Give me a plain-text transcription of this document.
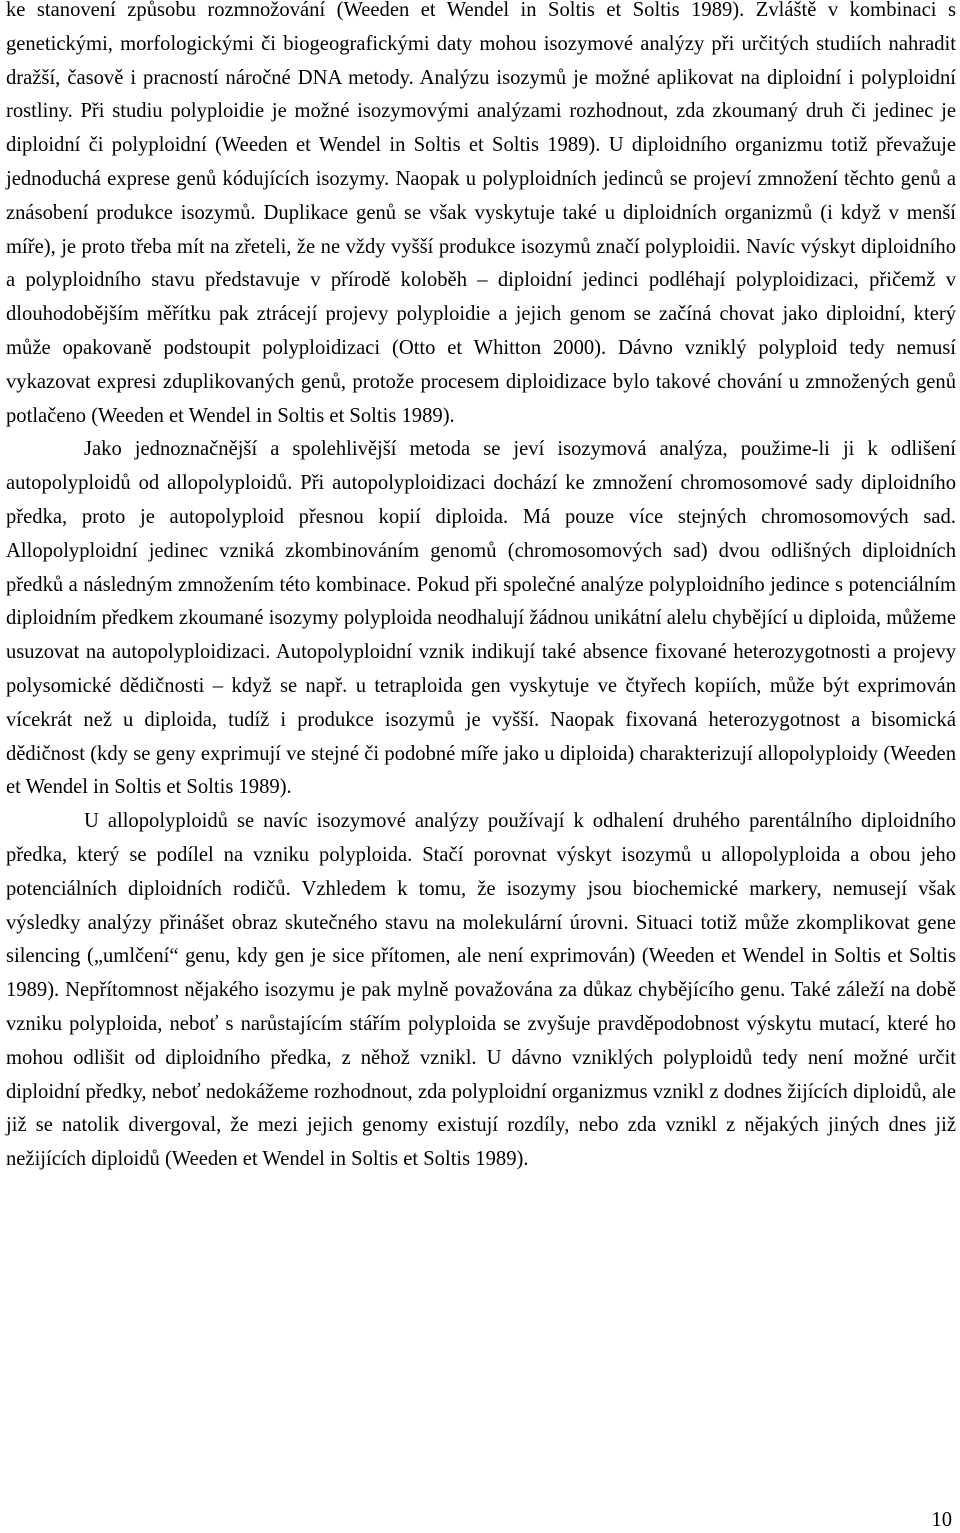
ke stanovení způsobu rozmnožování (Weeden et Wendel in Soltis et Soltis 1989). Zvláště v kombinaci s genetickými, morfologickými či biogeografickými daty mohou isozymové analýzy při určitých studiích nahradit dražší, časově i pracností náročné DNA metody. Analýzu isozymů je možné aplikovat na diploidní i polyploidní rostliny. Při studiu polyploidie je možné isozymovými analýzami rozhodnout, zda zkoumaný druh či jedinec je diploidní či polyploidní (Weeden et Wendel in Soltis et Soltis 1989). U diploidního organizmu totiž převažuje jednoduchá exprese genů kódujících isozymy. Naopak u polyploidních jedinců se projeví zmnožení těchto genů a znásobení produkce isozymů. Duplikace genů se však vyskytuje také u diploidních organizmů (i když v menší míře), je proto třeba mít na zřeteli, že ne vždy vyšší produkce isozymů značí polyploidii. Navíc výskyt diploidního a polyploidního stavu představuje v přírodě koloběh – diploidní jedinci podléhají polyploidizaci, přičemž v dlouhodobějším měřítku pak ztrácejí projevy polyploidie a jejich genom se začíná chovat jako diploidní, který může opakovaně podstoupit polyploidizaci (Otto et Whitton 2000). Dávno vzniklý polyploid tedy nemusí vykazovat expresi zduplikovaných genů, protože procesem diploidizace bylo takové chování u zmnožených genů potlačeno (Weeden et Wendel in Soltis et Soltis 1989).

Jako jednoznačnější a spolehlivější metoda se jeví isozymová analýza, použime-li ji k odlišení autopolyploidů od allopolyploidů. Při autopolyploidizaci dochází ke zmnožení chromosomové sady diploidního předka, proto je autopolyploid přesnou kopií diploida. Má pouze více stejných chromosomových sad. Allopolyploidní jedinec vzniká zkombinováním genomů (chromosomových sad) dvou odlišných diploidních předků a následným zmnožením této kombinace. Pokud při společné analýze polyploidního jedince s potenciálním diploidním předkem zkoumané isozymy polyploida neodhalují žádnou unikátní alelu chybějící u diploida, můžeme usuzovat na autopolyploidizaci. Autopolyploidní vznik indikují také absence fixované heterozygotnosti a projevy polysomické dědičnosti – když se např. u tetraploida gen vyskytuje ve čtyřech kopiích, může být exprimován vícekrát než u diploida, tudíž i produkce isozymů je vyšší. Naopak fixovaná heterozygotnost a bisomická dědičnost (kdy se geny exprimují ve stejné či podobné míře jako u diploida) charakterizují allopolyploidy (Weeden et Wendel in Soltis et Soltis 1989).

U allopolyploidů se navíc isozymové analýzy používají k odhalení druhého parentálního diploidního předka, který se podílel na vzniku polyploida. Stačí porovnat výskyt isozymů u allopolyploida a obou jeho potenciálních diploidních rodičů. Vzhledem k tomu, že isozymy jsou biochemické markery, nemusejí však výsledky analýzy přinášet obraz skutečného stavu na molekulární úrovni. Situaci totiž může zkomplikovat gene silencing („umlčení“ genu, kdy gen je sice přítomen, ale není exprimován) (Weeden et Wendel in Soltis et Soltis 1989). Nepřítomnost nějakého isozymu je pak mylně považována za důkaz chybějícího genu. Také záleží na době vzniku polyploida, neboť s narůstajícím stářím polyploida se zvyšuje pravděpodobnost výskytu mutací, které ho mohou odlišit od diploidního předka, z něhož vznikl. U dávno vzniklých polyploidů tedy není možné určit diploidní předky, neboť nedokážeme rozhodnout, zda polyploidní organizmus vznikl z dodnes žijících diploidů, ale již se natolik divergoval, že mezi jejich genomy existují rozdíly, nebo zda vznikl z nějakých jiných dnes již nežijících diploidů (Weeden et Wendel in Soltis et Soltis 1989).

10
